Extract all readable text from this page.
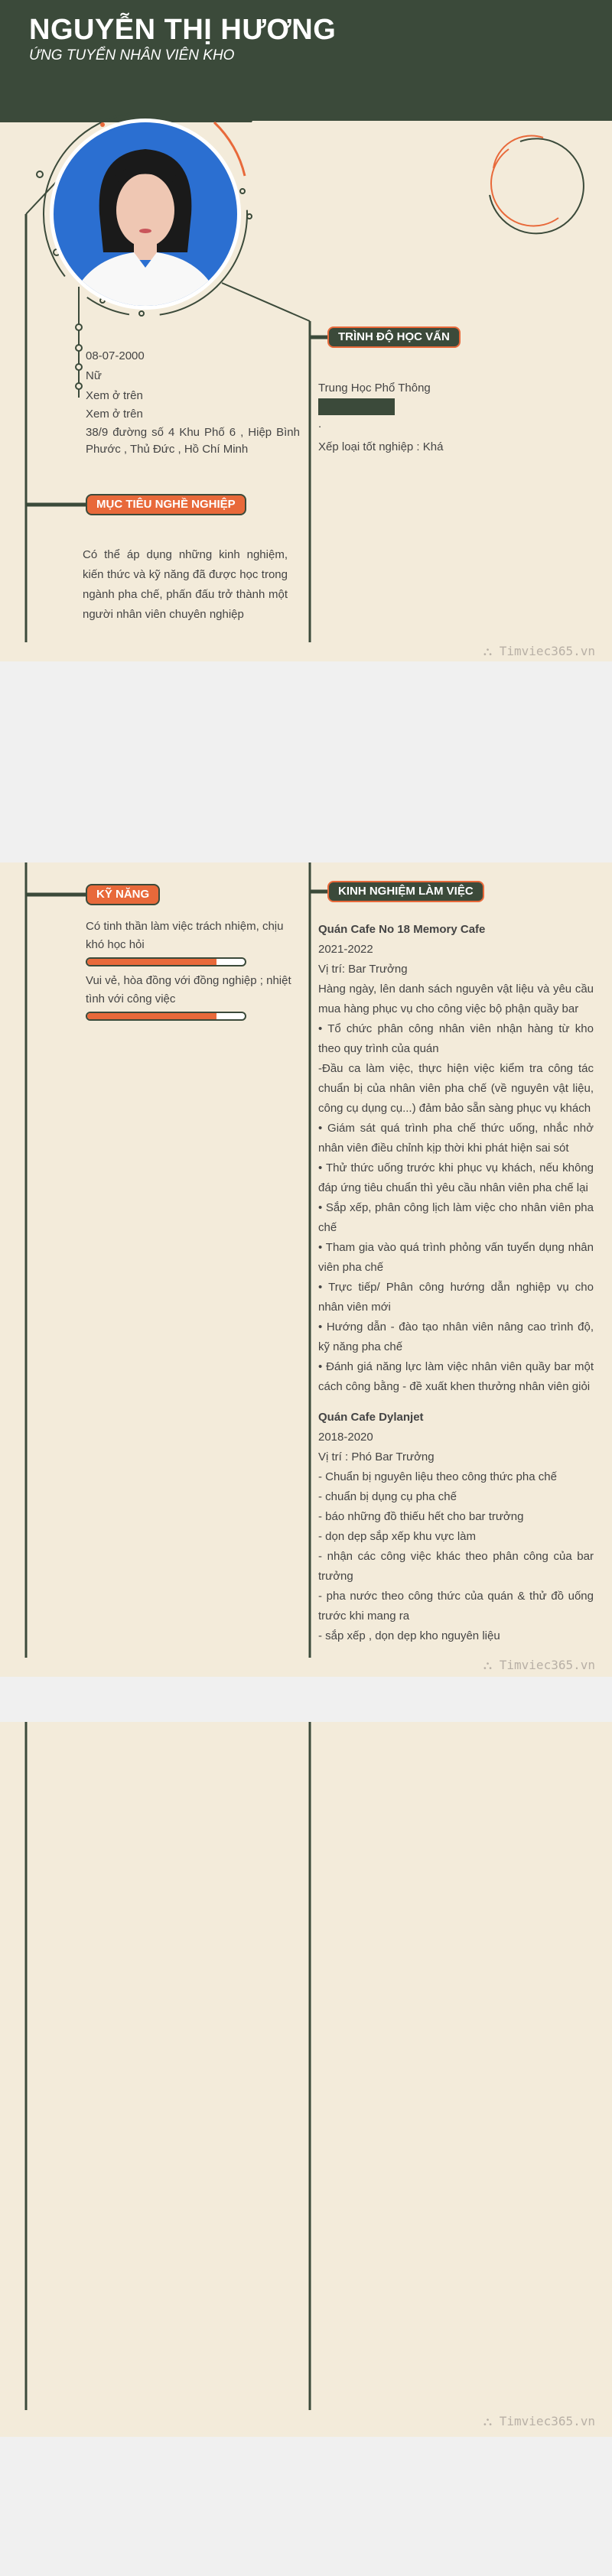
NGUYỄN THỊ HƯƠNG
ỨNG TUYỂN NHÂN VIÊN KHO
08-07-2000
Nữ
Xem ở trên
Xem ở trên
38/9 đường số 4 Khu Phố 6 , Hiệp Bình Phước , Thủ Đức , Hồ Chí Minh
MỤC TIÊU NGHỀ NGHIỆP
Có thể áp dụng những kinh nghiệm, kiến thức và kỹ năng đã được học trong ngành pha chế, phấn đấu trở thành một người nhân viên chuyên nghiệp
TRÌNH ĐỘ HỌC VẤN
Trung Học Phổ Thông
.
Xếp loại tốt nghiệp : Khá
⛬ Timviec365.vn
KỸ NĂNG
Có tinh thần làm việc trách nhiệm, chịu khó học hỏi
Vui vẻ, hòa đồng với đồng nghiệp ; nhiệt tình với công việc
KINH NGHIỆM LÀM VIỆC
Quán Cafe No 18 Memory Cafe
2021-2022
Vị trí: Bar Trưởng
Hàng ngày, lên danh sách nguyên vật liệu và yêu cầu mua hàng phục vụ cho công việc bộ phận quầy bar
• Tổ chức phân công nhân viên nhận hàng từ kho theo quy trình của quán
-Đầu ca làm việc, thực hiện việc kiểm tra công tác chuẩn bị của nhân viên pha chế (về nguyên vật liệu, công cụ dụng cụ...) đảm bảo sẵn sàng phục vụ khách
• Giám sát quá trình pha chế thức uống, nhắc nhở nhân viên điều chỉnh kịp thời khi phát hiện sai sót
• Thử thức uống trước khi phục vụ khách, nếu không đáp ứng tiêu chuẩn thì yêu cầu nhân viên pha chế lại
• Sắp xếp, phân công lịch làm việc cho nhân viên pha chế
• Tham gia vào quá trình phỏng vấn tuyển dụng nhân viên pha chế
• Trực tiếp/ Phân công hướng dẫn nghiệp vụ cho nhân viên mới
• Hướng dẫn - đào tạo nhân viên nâng cao trình độ, kỹ năng pha chế
• Đánh giá năng lực làm việc nhân viên quầy bar một cách công bằng - đề xuất khen thưởng nhân viên giỏi
Quán Cafe Dylanjet
2018-2020
Vị trí : Phó Bar Trưởng
- Chuẩn bị nguyên liệu theo công thức pha chế
- chuẩn bị dụng cụ pha chế
- báo những đồ thiếu hết cho bar trưởng
- dọn dẹp sắp xếp khu vực làm
- nhận các công việc khác theo phân công của bar trưởng
- pha nước theo công thức của quán & thử đồ uống trước khi mang ra
- sắp xếp , dọn dẹp kho nguyên liệu
⛬ Timviec365.vn
⛬ Timviec365.vn
